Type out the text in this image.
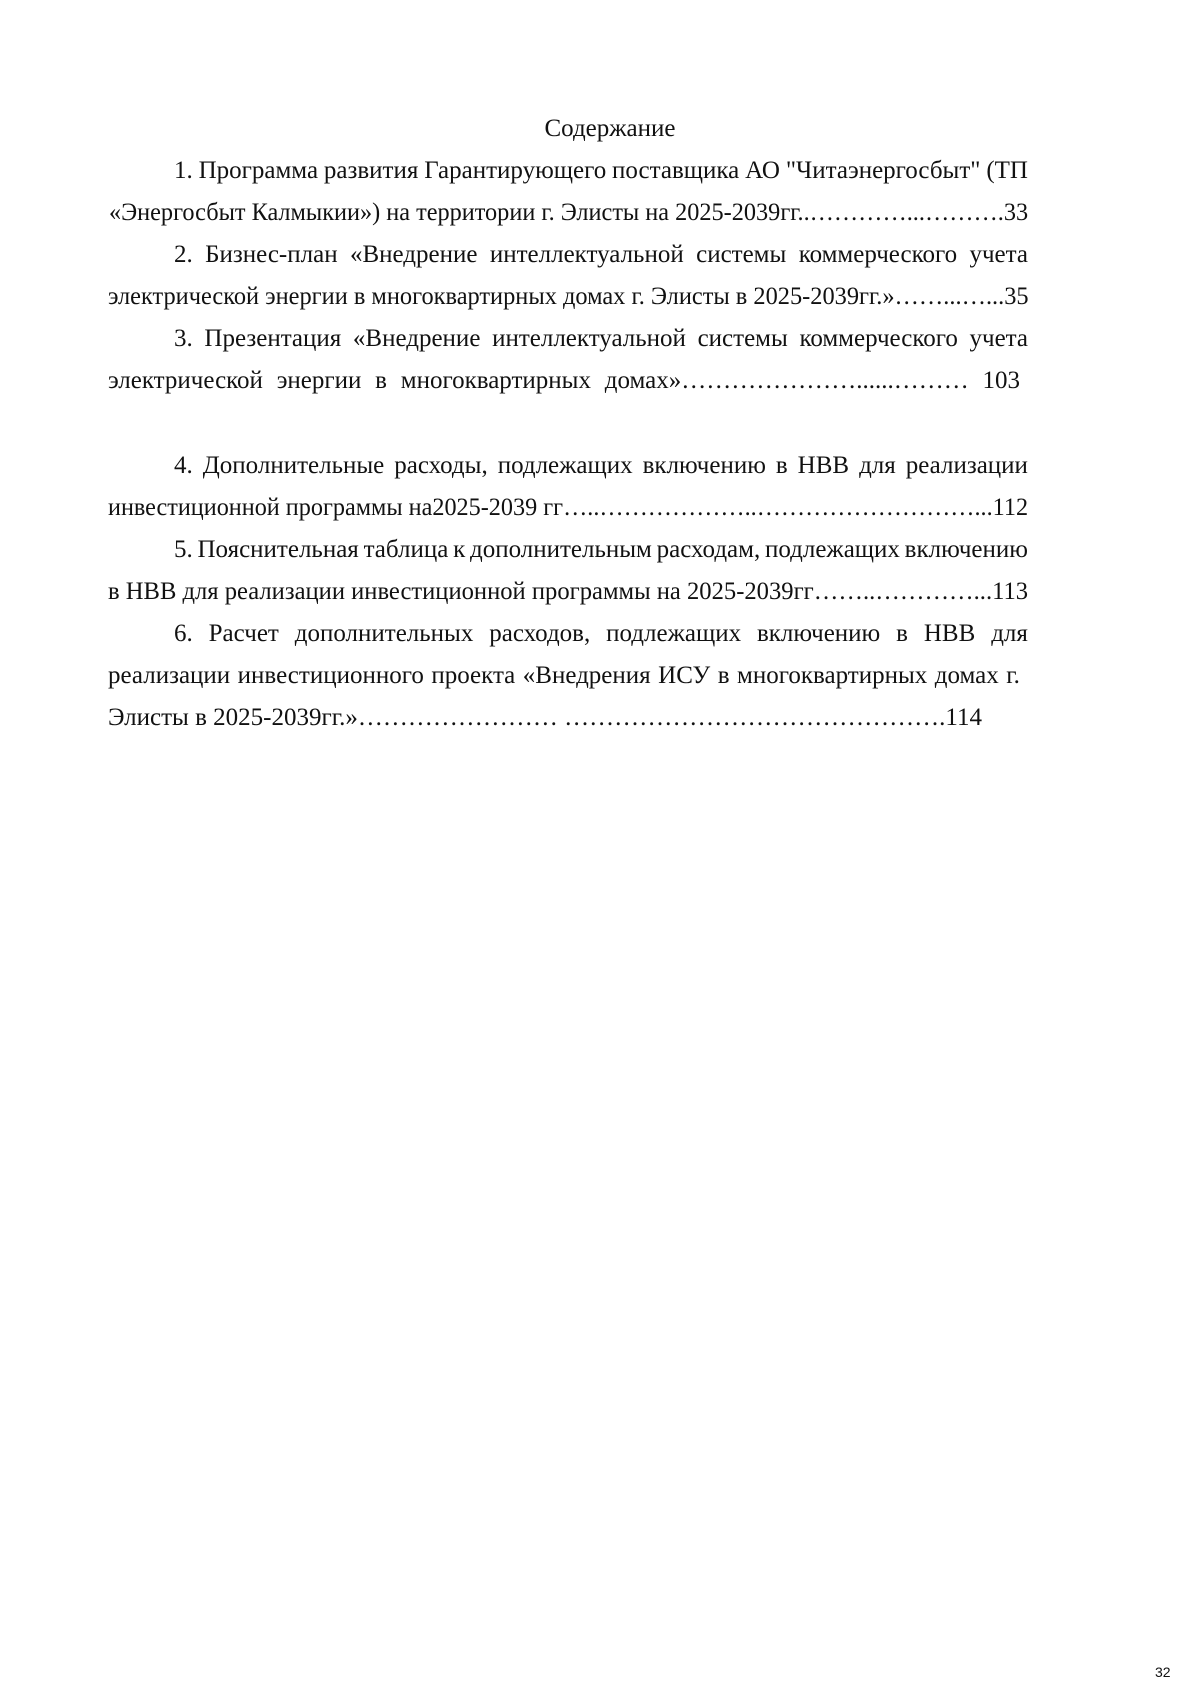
Содержание
1. Программа развития Гарантирующего поставщика АО "Читаэнергосбыт" (ТП
«Энергосбыт Калмыкии») на территории г. Элисты на 2025-2039гг..…………...……….33
2. Бизнес-план «Внедрение интеллектуальной системы коммерческого учета
электрической энергии в многоквартирных домах г. Элисты в 2025-2039гг.»……...…...35
3. Презентация «Внедрение интеллектуальной системы коммерческого учета
электрической энергии в многоквартирных домах»…………………......……… 103
4. Дополнительные расходы, подлежащих включению в НВВ для реализации
инвестиционной программы на2025-2039 гг…..………………..………………………...112
5. Пояснительная таблица к дополнительным расходам, подлежащих включению
в НВВ для реализации инвестиционной программы на 2025-2039гг……..…………...113
6. Расчет дополнительных расходов, подлежащих включению в НВВ для
реализации инвестиционного проекта «Внедрения ИСУ в многоквартирных домах г.
Элисты в 2025-2039гг.»…………………… ……………………………………….114
32
